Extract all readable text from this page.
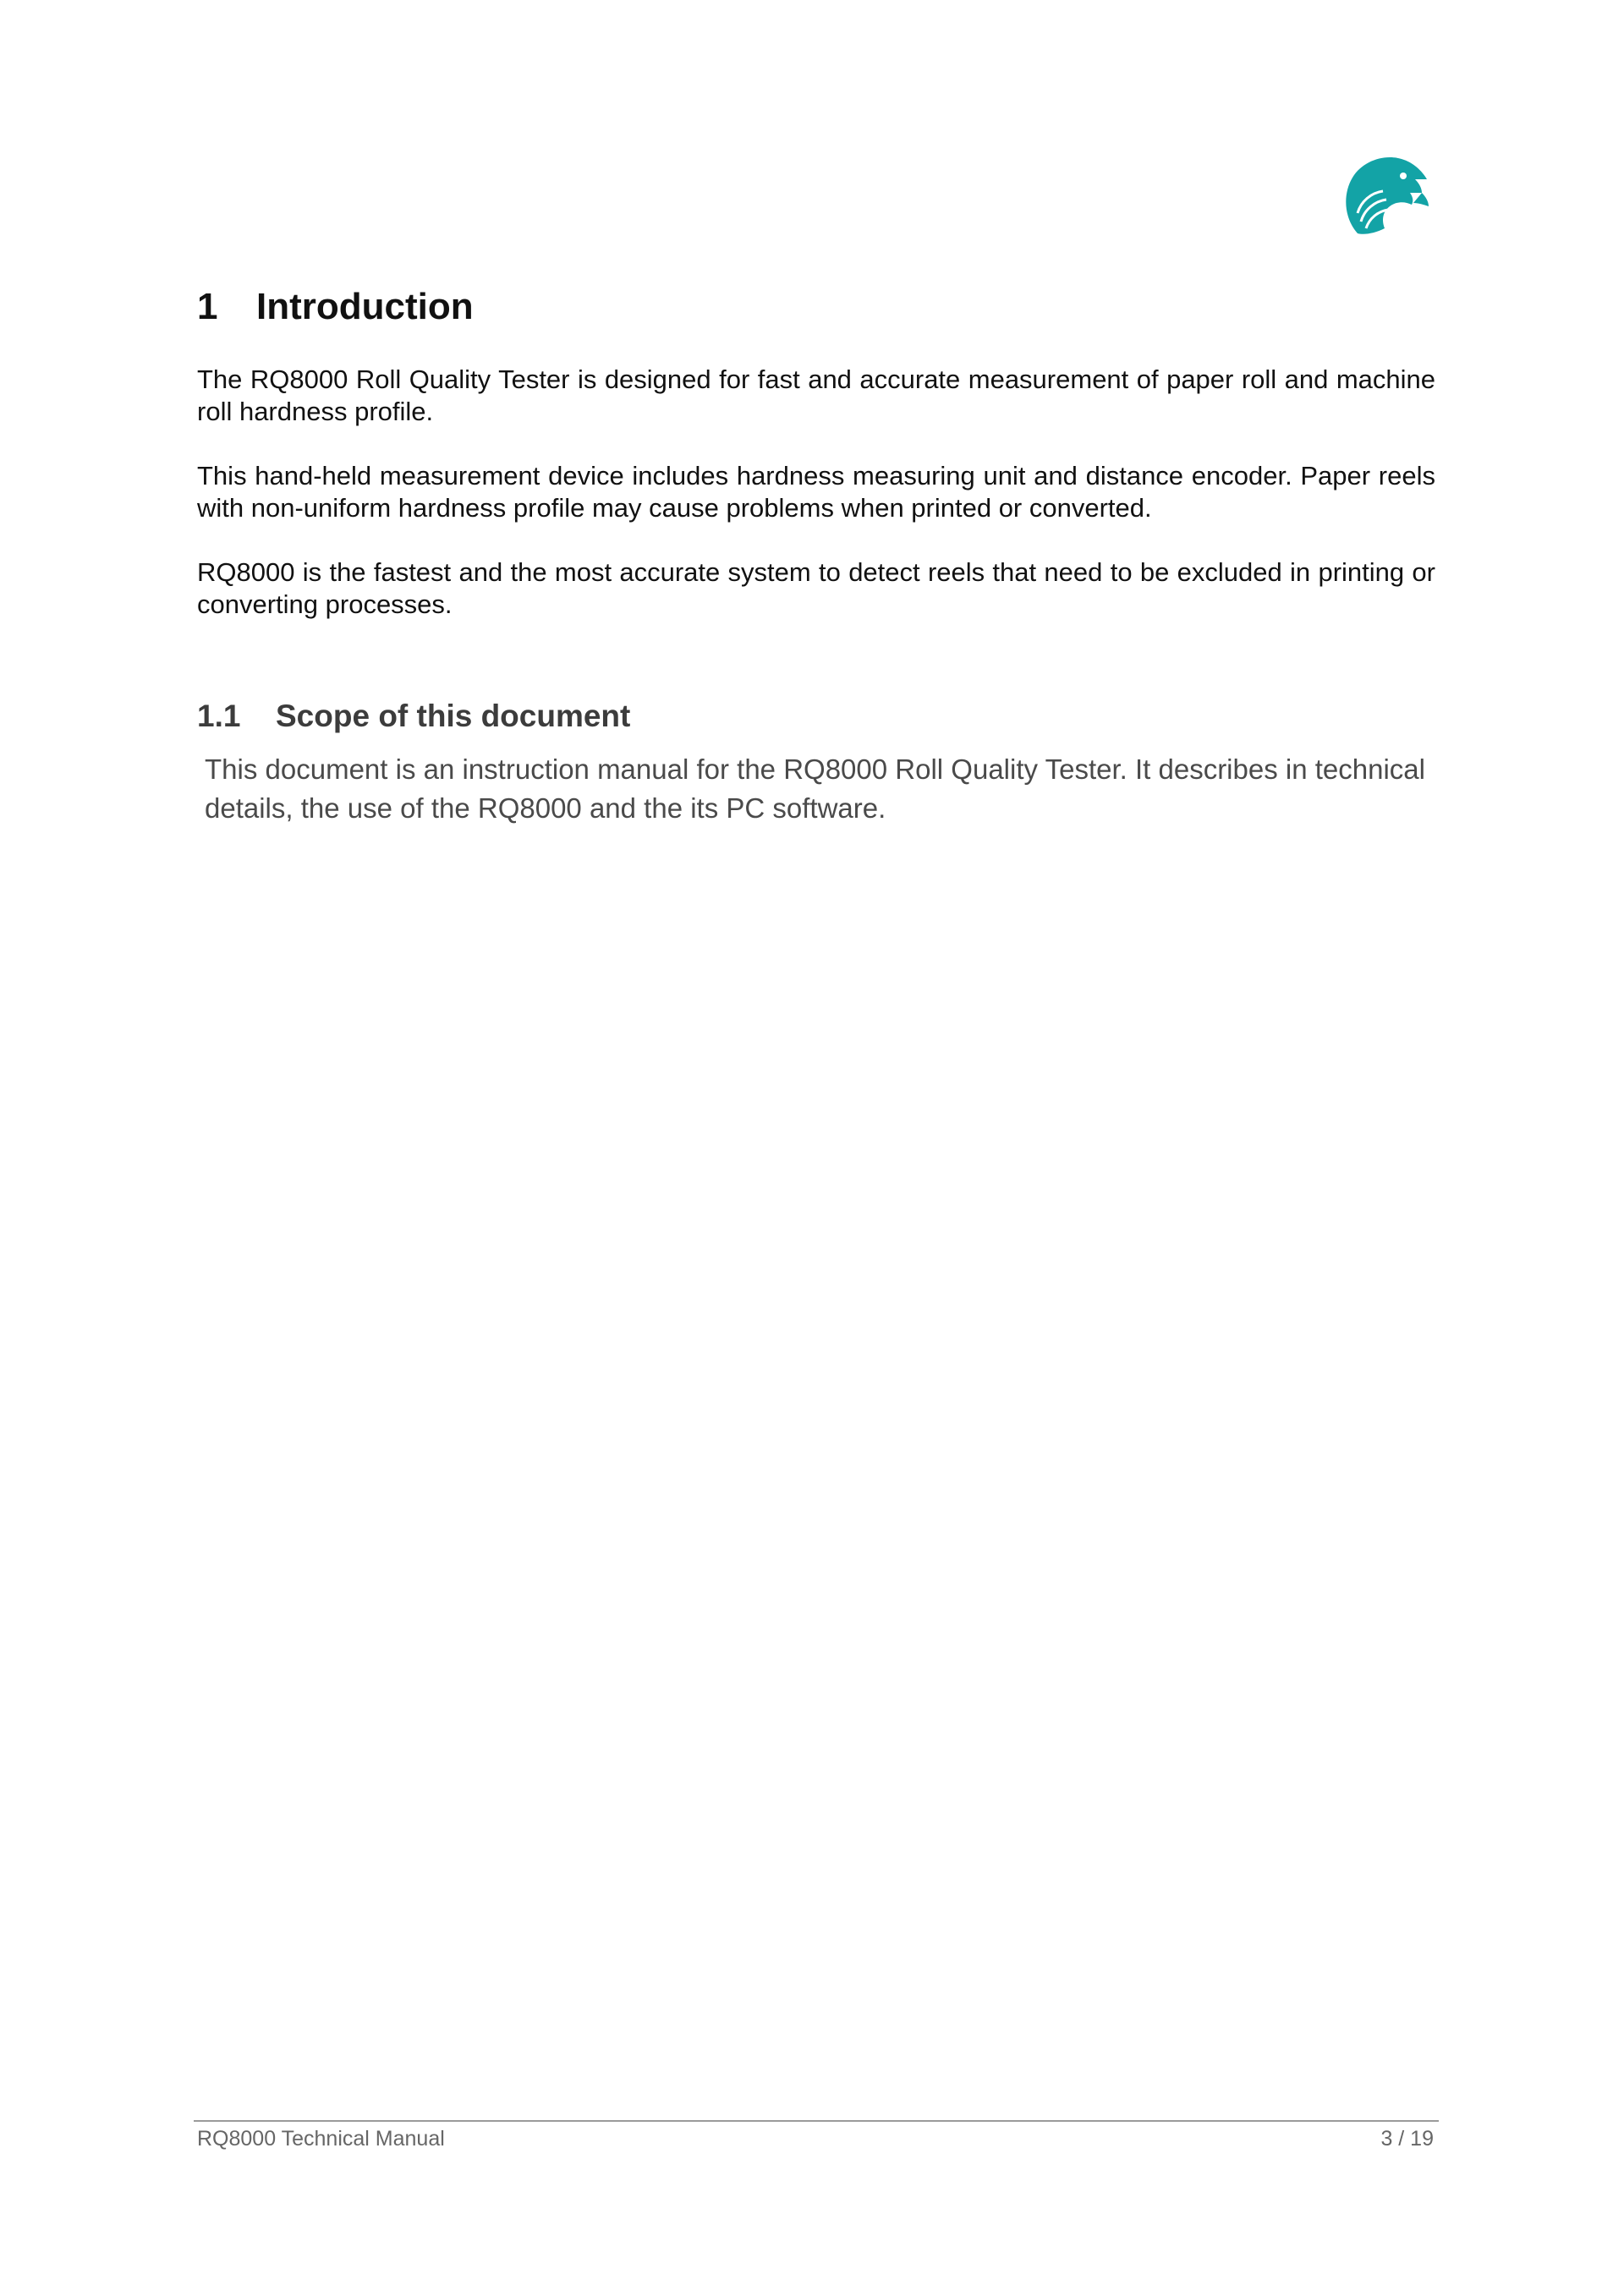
1 Introduction

The RQ8000 Roll Quality Tester is designed for fast and accurate measurement of paper roll and machine roll hardness profile.

This hand-held measurement device includes hardness measuring unit and distance encoder. Paper reels with non-uniform hardness profile may cause problems when printed or converted.

RQ8000 is the fastest and the most accurate system to detect reels that need to be excluded in printing or converting processes.

1.1 Scope of this document

This document is an instruction manual for the RQ8000 Roll Quality Tester. It describes in technical details, the use of the RQ8000 and the its PC software.

RQ8000 Technical Manual	3 / 19
